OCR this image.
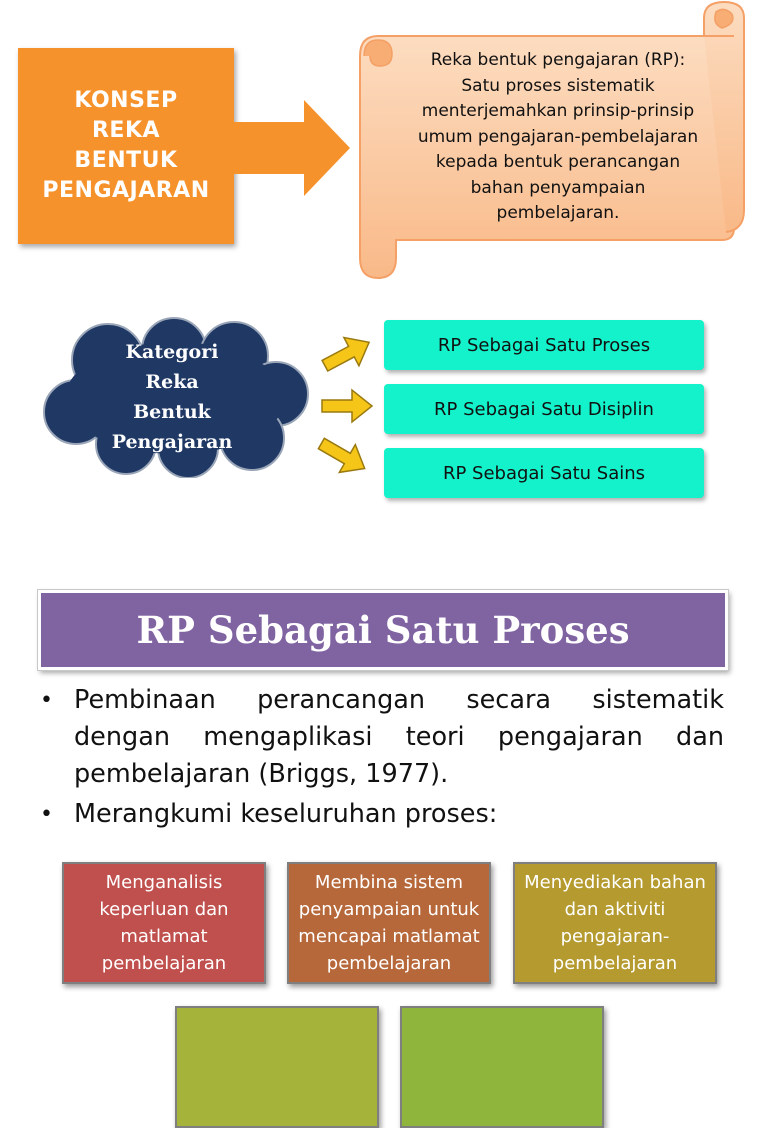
KONSEP
REKA
BENTUK
PENGAJARAN
Reka bentuk pengajaran (RP):
Satu proses sistematik
menterjemahkan prinsip-prinsip
umum pengajaran-pembelajaran
kepada bentuk perancangan
bahan penyampaian
pembelajaran.
Kategori
Reka
Bentuk
Pengajaran
RP Sebagai Satu Proses
RP Sebagai Satu Disiplin
RP Sebagai Satu Sains
RP Sebagai Satu Proses
• Pembinaan perancangan secara sistematik dengan mengaplikasi teori pengajaran dan pembelajaran (Briggs, 1977).
• Merangkumi keseluruhan proses:
Menganalisis
keperluan dan
matlamat
pembelajaran
Membina sistem
penyampaian untuk
mencapai matlamat
pembelajaran
Menyediakan bahan
dan aktiviti
pengajaran-
pembelajaran
